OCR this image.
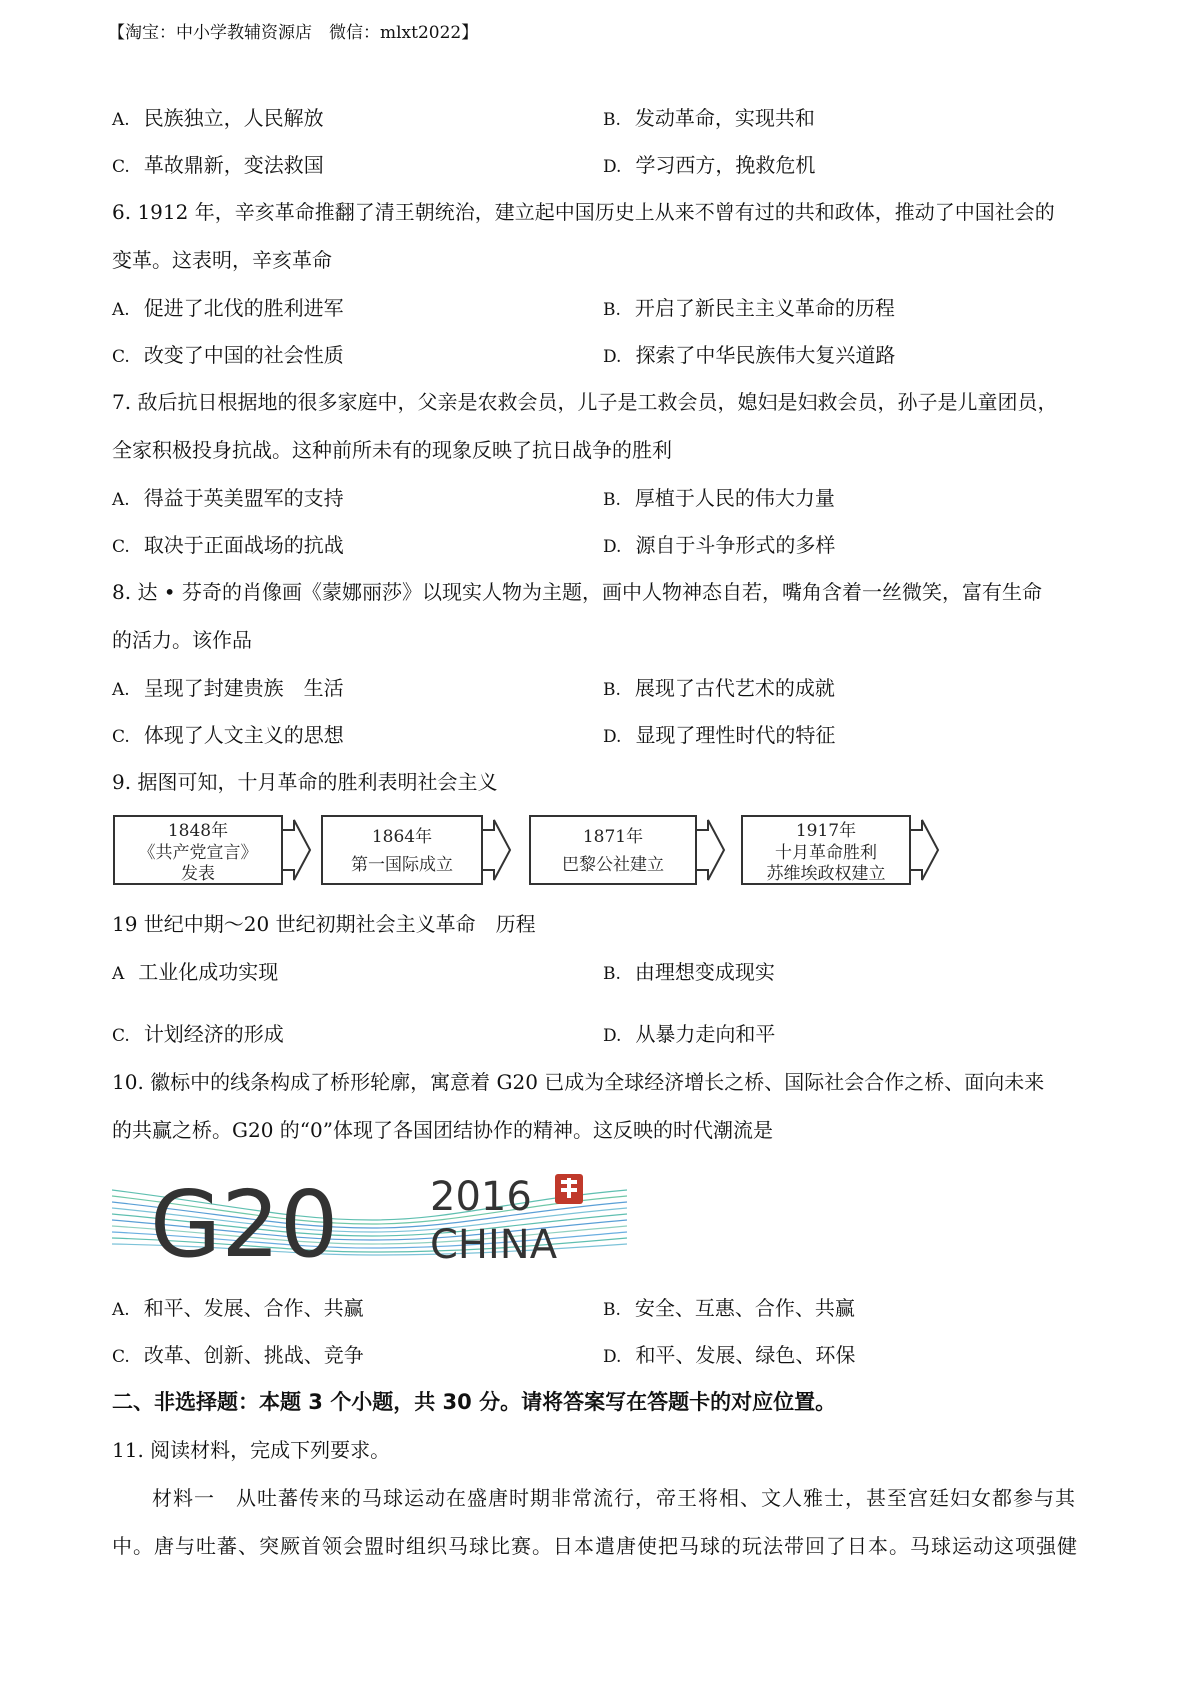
【淘宝：中小学教辅资源店　微信：mlxt2022】
A. 民族独立，人民解放	B. 发动革命，实现共和
C. 革故鼎新，变法救国	D. 学习西方，挽救危机
6. 1912 年，辛亥革命推翻了清王朝统治，建立起中国历史上从来不曾有过的共和政体，推动了中国社会的
变革。这表明，辛亥革命
A. 促进了北伐的胜利进军	B. 开启了新民主主义革命的历程
C. 改变了中国的社会性质	D. 探索了中华民族伟大复兴道路
7. 敌后抗日根据地的很多家庭中，父亲是农救会员，儿子是工救会员，媳妇是妇救会员，孙子是儿童团员，
全家积极投身抗战。这种前所未有的现象反映了抗日战争的胜利
A. 得益于英美盟军的支持	B. 厚植于人民的伟大力量
C. 取决于正面战场的抗战	D. 源自于斗争形式的多样
8. 达 • 芬奇的肖像画《蒙娜丽莎》以现实人物为主题，画中人物神态自若，嘴角含着一丝微笑，富有生命
的活力。该作品
A. 呈现了封建贵族　生活	B. 展现了古代艺术的成就
C. 体现了人文主义的思想	D. 显现了理性时代的特征
9. 据图可知，十月革命的胜利表明社会主义
1848年
《共产党宣言》
发表
1864年
第一国际成立
1871年
巴黎公社建立
1917年
十月革命胜利
苏维埃政权建立
19 世纪中期～20 世纪初期社会主义革命　历程
A 工业化成功实现	B. 由理想变成现实
C. 计划经济的形成	D. 从暴力走向和平
10. 徽标中的线条构成了桥形轮廓，寓意着 G20 已成为全球经济增长之桥、国际社会合作之桥、面向未来
的共赢之桥。G20 的“0”体现了各国团结协作的精神。这反映的时代潮流是
G20 2016
CHINA
A. 和平、发展、合作、共赢	B. 安全、互惠、合作、共赢
C. 改革、创新、挑战、竞争	D. 和平、发展、绿色、环保
二、非选择题：本题 3 个小题，共 30 分。请将答案写在答题卡的对应位置。
11. 阅读材料，完成下列要求。
材料一　从吐蕃传来的马球运动在盛唐时期非常流行，帝王将相、文人雅士，甚至宫廷妇女都参与其
中。唐与吐蕃、突厥首领会盟时组织马球比赛。日本遣唐使把马球的玩法带回了日本。马球运动这项强健
